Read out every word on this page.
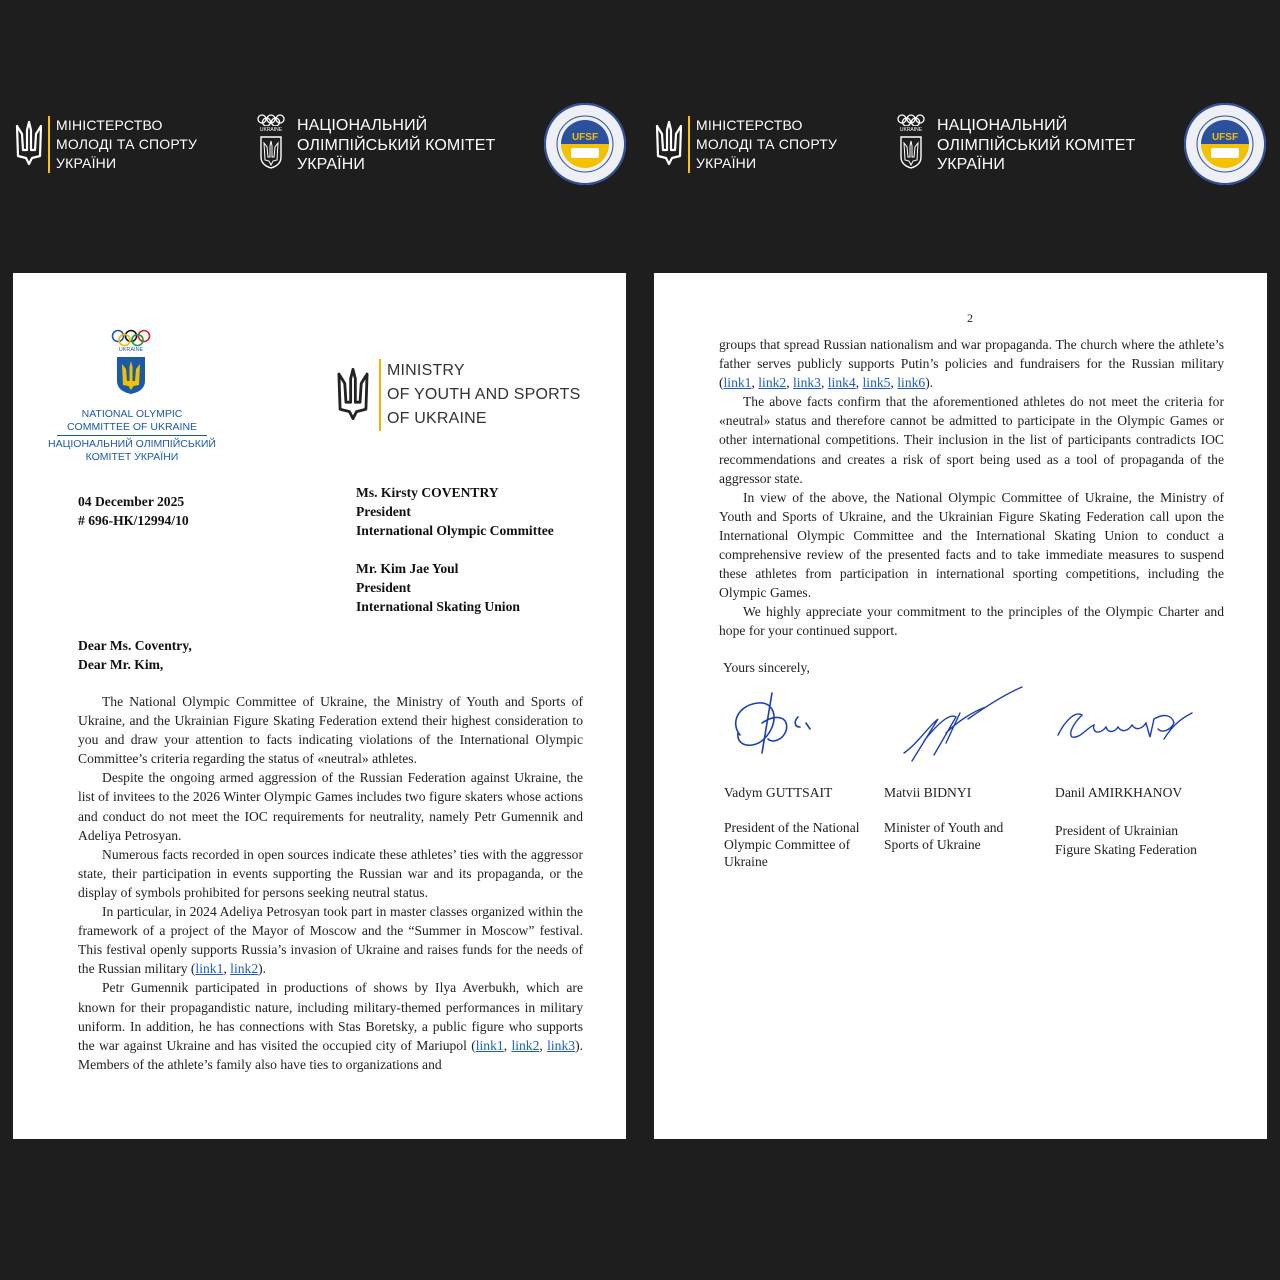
МІНІСТЕРСТВО
МОЛОДІ ТА СПОРТУ
УКРАЇНИ
UKRAINE НАЦІОНАЛЬНИЙ
ОЛІМПІЙСЬКИЙ КОМІТЕТ
УКРАЇНИ
UFSF
МІНІСТЕРСТВО
МОЛОДІ ТА СПОРТУ
УКРАЇНИ
UKRAINE НАЦІОНАЛЬНИЙ
ОЛІМПІЙСЬКИЙ КОМІТЕТ
УКРАЇНИ
UFSF
UKRAINE
NATIONAL OLYMPIC
COMMITTEE OF UKRAINE
НАЦІОНАЛЬНИЙ ОЛІМПІЙСЬКИЙ
КОМІТЕТ УКРАЇНИ
MINISTRY
OF YOUTH AND SPORTS
OF UKRAINE
04 December 2025
# 696-НК/12994/10
Ms. Kirsty COVENTRY
President
International Olympic Committee
Mr. Kim Jae Youl
President
International Skating Union
Dear Ms. Coventry,
Dear Mr. Kim,

The National Olympic Committee of Ukraine, the Ministry of Youth and Sports of Ukraine, and the Ukrainian Figure Skating Federation extend their highest consideration to you and draw your attention to facts indicating violations of the International Olympic Committee’s criteria regarding the status of «neutral» athletes.

Despite the ongoing armed aggression of the Russian Federation against Ukraine, the list of invitees to the 2026 Winter Olympic Games includes two figure skaters whose actions and conduct do not meet the IOC requirements for neutrality, namely Petr Gumennik and Adeliya Petrosyan.

Numerous facts recorded in open sources indicate these athletes’ ties with the aggressor state, their participation in events supporting the Russian war and its propaganda, or the display of symbols prohibited for persons seeking neutral status.

In particular, in 2024 Adeliya Petrosyan took part in master classes organized within the framework of a project of the Mayor of Moscow and the “Summer in Moscow” festival. This festival openly supports Russia’s invasion of Ukraine and raises funds for the needs of the Russian military (link1, link2).

Petr Gumennik participated in productions of shows by Ilya Averbukh, which are known for their propagandistic nature, including military-themed performances in military uniform. In addition, he has connections with Stas Boretsky, a public figure who supports the war against Ukraine and has visited the occupied city of Mariupol (link1, link2, link3). Members of the athlete’s family also have ties to organizations and

2

groups that spread Russian nationalism and war propaganda. The church where the athlete’s father serves publicly supports Putin’s policies and fundraisers for the Russian military (link1, link2, link3, link4, link5, link6).

The above facts confirm that the aforementioned athletes do not meet the criteria for «neutral» status and therefore cannot be admitted to participate in the Olympic Games or other international competitions. Their inclusion in the list of participants contradicts IOC recommendations and creates a risk of sport being used as a tool of propaganda of the aggressor state.

In view of the above, the National Olympic Committee of Ukraine, the Ministry of Youth and Sports of Ukraine, and the Ukrainian Figure Skating Federation call upon the International Olympic Committee and the International Skating Union to conduct a comprehensive review of the presented facts and to take immediate measures to suspend these athletes from participation in international sporting competitions, including the Olympic Games.

We highly appreciate your commitment to the principles of the Olympic Charter and hope for your continued support.

Yours sincerely,
Vadym GUTTSAIT	Matvii BIDNYI	Danil AMIRKHANOV
President of the National
Olympic Committee of
Ukraine
Minister of Youth and
Sports of Ukraine
President of Ukrainian
Figure Skating Federation
